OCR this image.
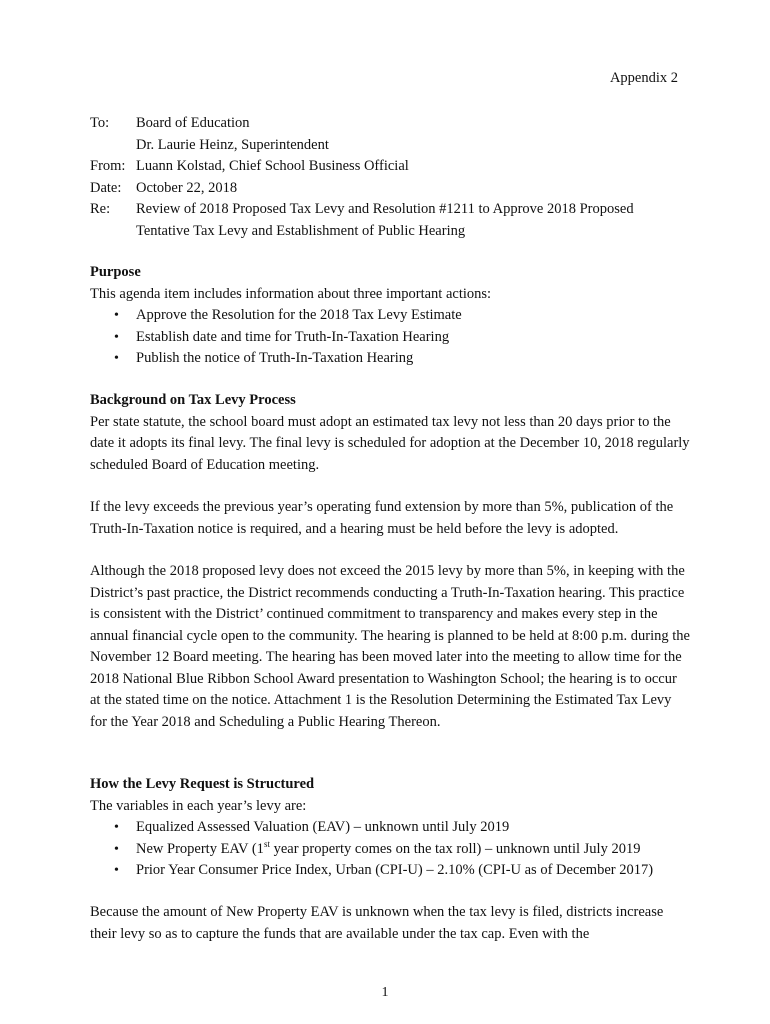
Appendix 2
To:	Board of Education
Dr. Laurie Heinz, Superintendent
From: Luann Kolstad, Chief School Business Official
Date:	October 22, 2018
Re:	Review of 2018 Proposed Tax Levy and Resolution #1211 to Approve 2018 Proposed
Tentative Tax Levy and Establishment of Public Hearing
Purpose

This agenda item includes information about three important actions:

• Approve the Resolution for the 2018 Tax Levy Estimate
• Establish date and time for Truth-In-Taxation Hearing
• Publish the notice of Truth-In-Taxation Hearing
Background on Tax Levy Process

Per state statute, the school board must adopt an estimated tax levy not less than 20 days prior to the date it adopts its final levy. The final levy is scheduled for adoption at the December 10, 2018 regularly scheduled Board of Education meeting.

If the levy exceeds the previous year’s operating fund extension by more than 5%, publication of the Truth-In-Taxation notice is required, and a hearing must be held before the levy is adopted.

Although the 2018 proposed levy does not exceed the 2015 levy by more than 5%, in keeping with the District’s past practice, the District recommends conducting a Truth-In-Taxation hearing. This practice is consistent with the District’ continued commitment to transparency and makes every step in the annual financial cycle open to the community. The hearing is planned to be held at 8:00 p.m. during the November 12 Board meeting. The hearing has been moved later into the meeting to allow time for the 2018 National Blue Ribbon School Award presentation to Washington School; the hearing is to occur at the stated time on the notice. Attachment 1 is the Resolution Determining the Estimated Tax Levy for the Year 2018 and Scheduling a Public Hearing Thereon.

How the Levy Request is Structured

The variables in each year’s levy are:

• Equalized Assessed Valuation (EAV) – unknown until July 2019
• New Property EAV (1st year property comes on the tax roll) – unknown until July 2019
• Prior Year Consumer Price Index, Urban (CPI-U) – 2.10% (CPI-U as of December 2017)

Because the amount of New Property EAV is unknown when the tax levy is filed, districts increase their levy so as to capture the funds that are available under the tax cap. Even with the

1
